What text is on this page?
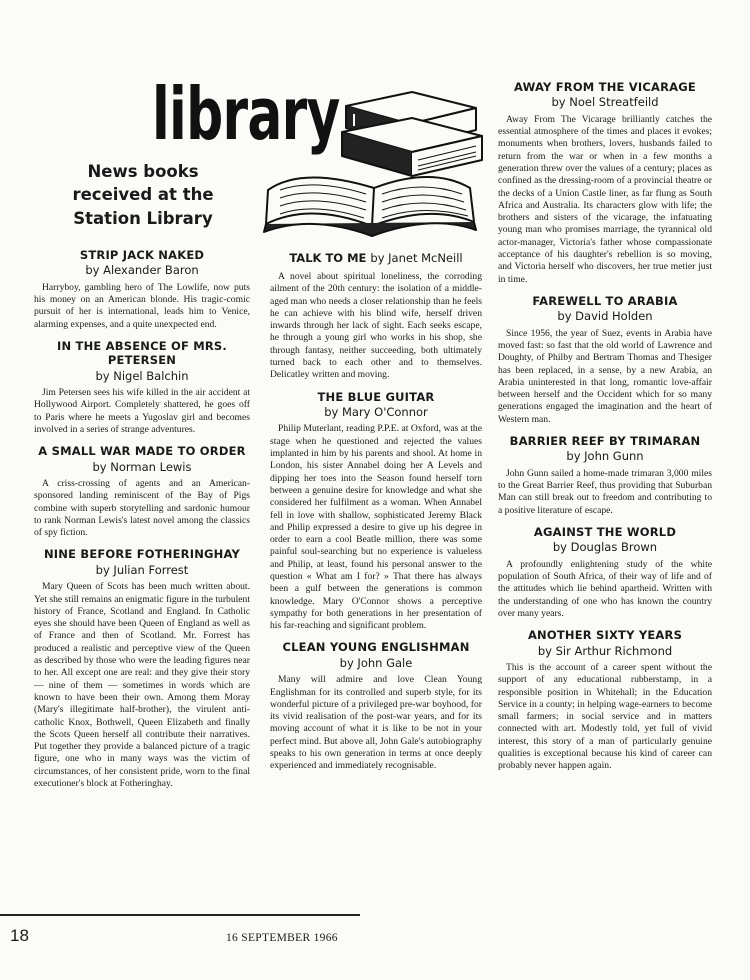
library
News books received at the Station Library

STRIP JACK NAKED

by Alexander Baron

Harryboy, gambling hero of The Lowlife, now puts his money on an American blonde. His tragic-comic pursuit of her is international, leads him to Venice, alarming expenses, and a quite unexpected end.

IN THE ABSENCE OF MRS. PETERSEN

by Nigel Balchin

Jim Petersen sees his wife killed in the air accident at Hollywood Airport. Completely shattered, he goes off to Paris where he meets a Yugoslav girl and becomes involved in a series of strange adventures.

A SMALL WAR MADE TO ORDER

by Norman Lewis

A criss-crossing of agents and an American-sponsored landing reminiscent of the Bay of Pigs combine with superb storytelling and sardonic humour to rank Norman Lewis's latest novel among the classics of spy fiction.

NINE BEFORE FOTHERINGHAY

by Julian Forrest

Mary Queen of Scots has been much written about. Yet she still remains an enigmatic figure in the turbulent history of France, Scotland and England. In Catholic eyes she should have been Queen of England as well as of France and then of Scotland. Mr. Forrest has produced a realistic and perceptive view of the Queen as described by those who were the leading figures near to her. All except one are real: and they give their story — nine of them — sometimes in words which are known to have been their own. Among them Moray (Mary's illegitimate half-brother), the virulent anti-catholic Knox, Bothwell, Queen Elizabeth and finally the Scots Queen herself all contribute their narratives. Put together they provide a balanced picture of a tragic figure, one who in many ways was the victim of circumstances, of her consistent pride, worn to the final executioner's block at Fotheringhay.

TALK TO ME by Janet McNeill

A novel about spiritual loneliness, the corroding ailment of the 20th century: the isolation of a middle-aged man who needs a closer relationship than he feels he can achieve with his blind wife, herself driven inwards through her lack of sight. Each seeks escape, he through a young girl who works in his shop, she through fantasy, neither succeeding, both ultimately turned back to each other and to themselves. Delicatley written and moving.

THE BLUE GUITAR

by Mary O'Connor

Philip Muterlant, reading P.P.E. at Oxford, was at the stage when he questioned and rejected the values implanted in him by his parents and shool. At home in London, his sister Annabel doing her A Levels and dipping her toes into the Season found herself torn between a genuine desire for knowledge and what she considered her fulfilment as a woman. When Annabel fell in love with shallow, sophisticated Jeremy Black and Philip expressed a desire to give up his degree in order to earn a cool Beatle million, there was some painful soul-searching but no experience is valueless and Philip, at least, found his personal answer to the question « What am I for? » That there has always been a gulf between the generations is common knowledge. Mary O'Connor shows a perceptive sympathy for both generations in her presentation of his far-reaching and significant problem.

CLEAN YOUNG ENGLISHMAN

by John Gale

Many will admire and love Clean Young Englishman for its controlled and superb style, for its wonderful picture of a privileged pre-war boyhood, for its vivid realisation of the post-war years, and for its moving account of what it is like to be not in your perfect mind. But above all, John Gale's autobiography speaks to his own generation in terms at once deeply experienced and immediately recognisable.

AWAY FROM THE VICARAGE

by Noel Streatfeild

Away From The Vicarage brilliantly catches the essential atmosphere of the times and places it evokes; monuments when brothers, lovers, husbands failed to return from the war or when in a few months a generation threw over the values of a century; places as confined as the dressing-room of a provincial theatre or the decks of a Union Castle liner, as far flung as South Africa and Australia. Its characters glow with life; the brothers and sisters of the vicarage, the infatuating young man who promises marriage, the tyrannical old actor-manager, Victoria's father whose compassionate acceptance of his daughter's rebellion is so moving, and Victoria herself who discovers, her true metier just in time.

FAREWELL TO ARABIA

by David Holden

Since 1956, the year of Suez, events in Arabia have moved fast: so fast that the old world of Lawrence and Doughty, of Philby and Bertram Thomas and Thesiger has been replaced, in a sense, by a new Arabia, an Arabia uninterested in that long, romantic love-affair between herself and the Occident which for so many generations engaged the imagination and the heart of Western man.

BARRIER REEF BY TRIMARAN

by John Gunn

John Gunn sailed a home-made trimaran 3,000 miles to the Great Barrier Reef, thus providing that Suburban Man can still break out to freedom and contributing to a positive literature of escape.

AGAINST THE WORLD

by Douglas Brown

A profoundly enlightening study of the white population of South Africa, of their way of life and of the attitudes which lie behind apartheid. Written with the understanding of one who has known the country over many years.

ANOTHER SIXTY YEARS

by Sir Arthur Richmond

This is the account of a career spent without the support of any educational rubberstamp, in a responsible position in Whitehall; in the Education Service in a county; in helping wage-earners to become small farmers; in social service and in matters connected with art. Modestly told, yet full of vivid interest, this story of a man of particularly genuine qualities is exceptional because his kind of career can probably never happen again.

18	16 SEPTEMBER 1966
